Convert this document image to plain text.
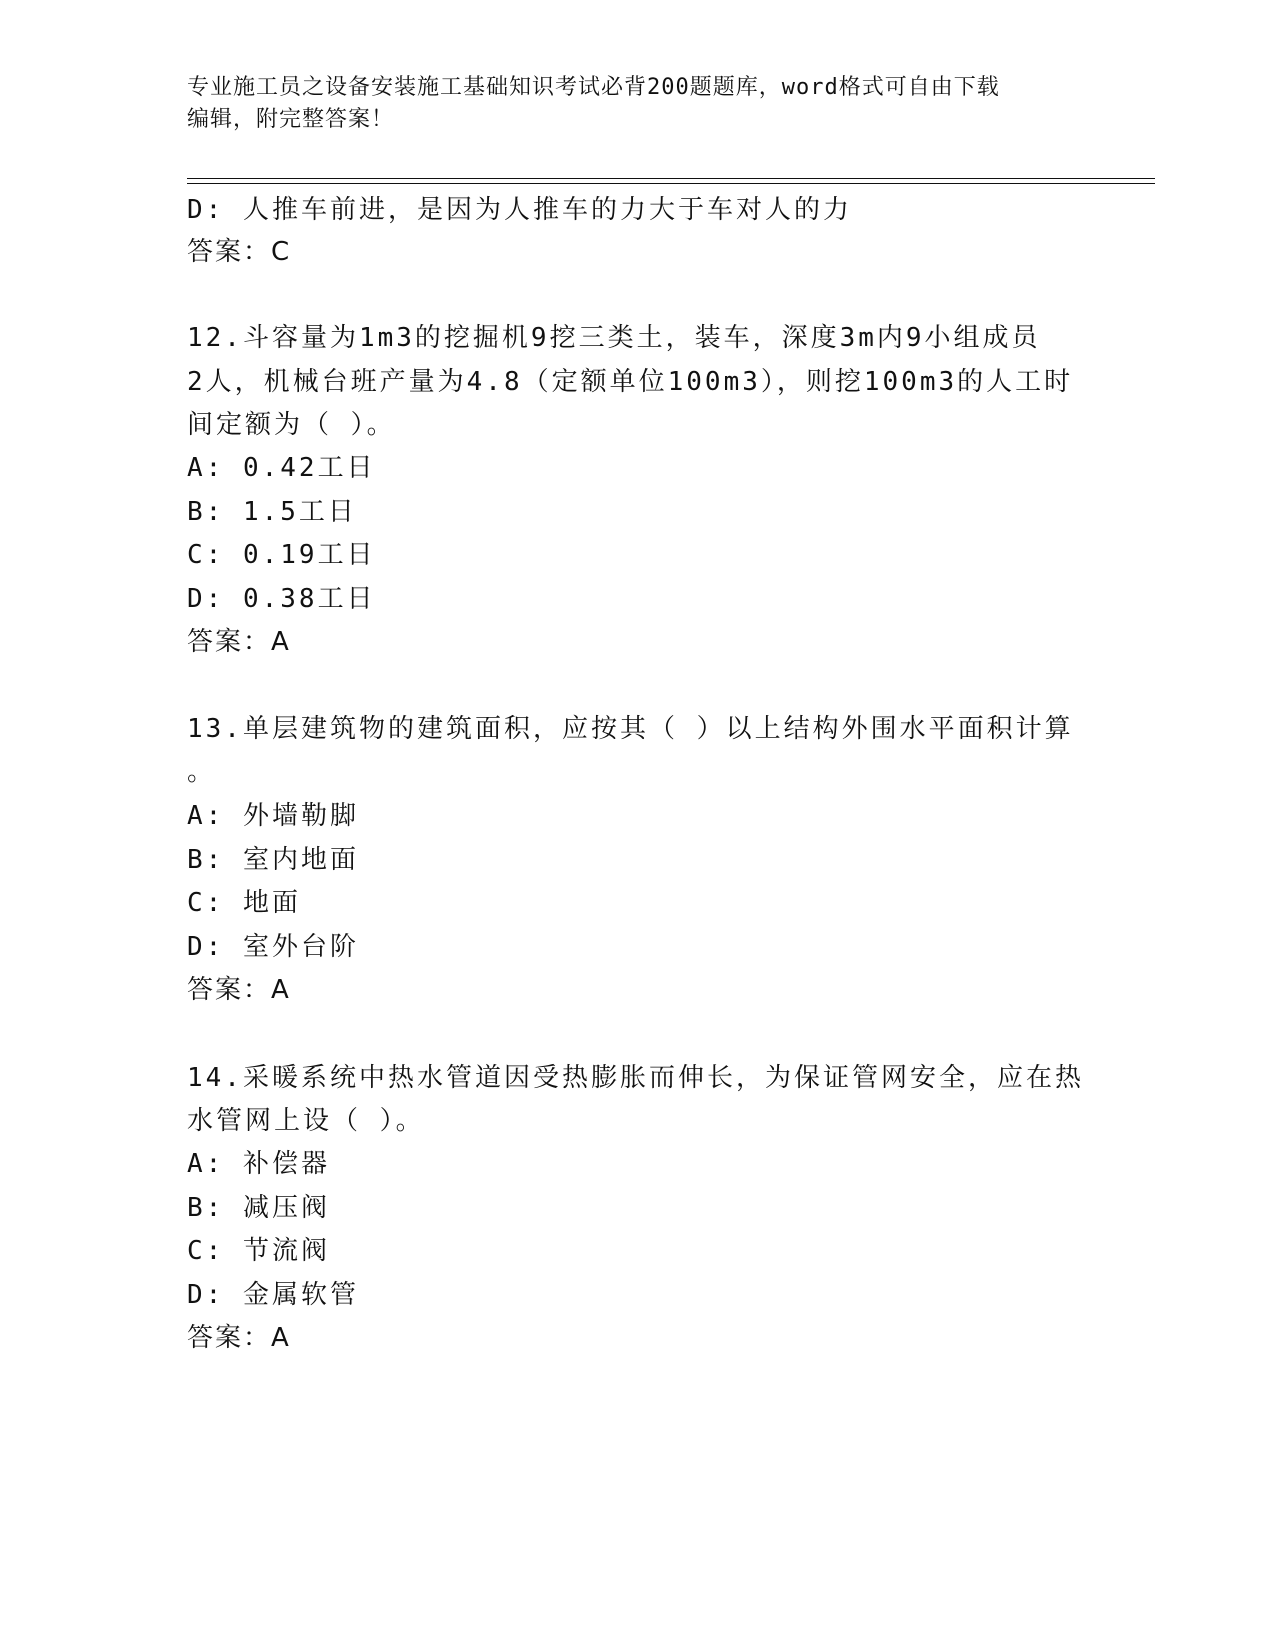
专业施工员之设备安装施工基础知识考试必背200题题库，word格式可自由下载
编辑，附完整答案！
D: 人推车前进，是因为人推车的力大于车对人的力
答案：C
12.斗容量为1m3的挖掘机9挖三类土，装车，深度3m内9小组成员
2人，机械台班产量为4.8（定额单位100m3），则挖100m3的人工时
间定额为（ ）。
A: 0.42工日
B: 1.5工日
C: 0.19工日
D: 0.38工日
答案：A
13.单层建筑物的建筑面积，应按其（ ）以上结构外围水平面积计算
。
A: 外墙勒脚
B: 室内地面
C: 地面
D: 室外台阶
答案：A
14.采暖系统中热水管道因受热膨胀而伸长，为保证管网安全，应在热
水管网上设（ ）。
A: 补偿器
B: 减压阀
C: 节流阀
D: 金属软管
答案：A
